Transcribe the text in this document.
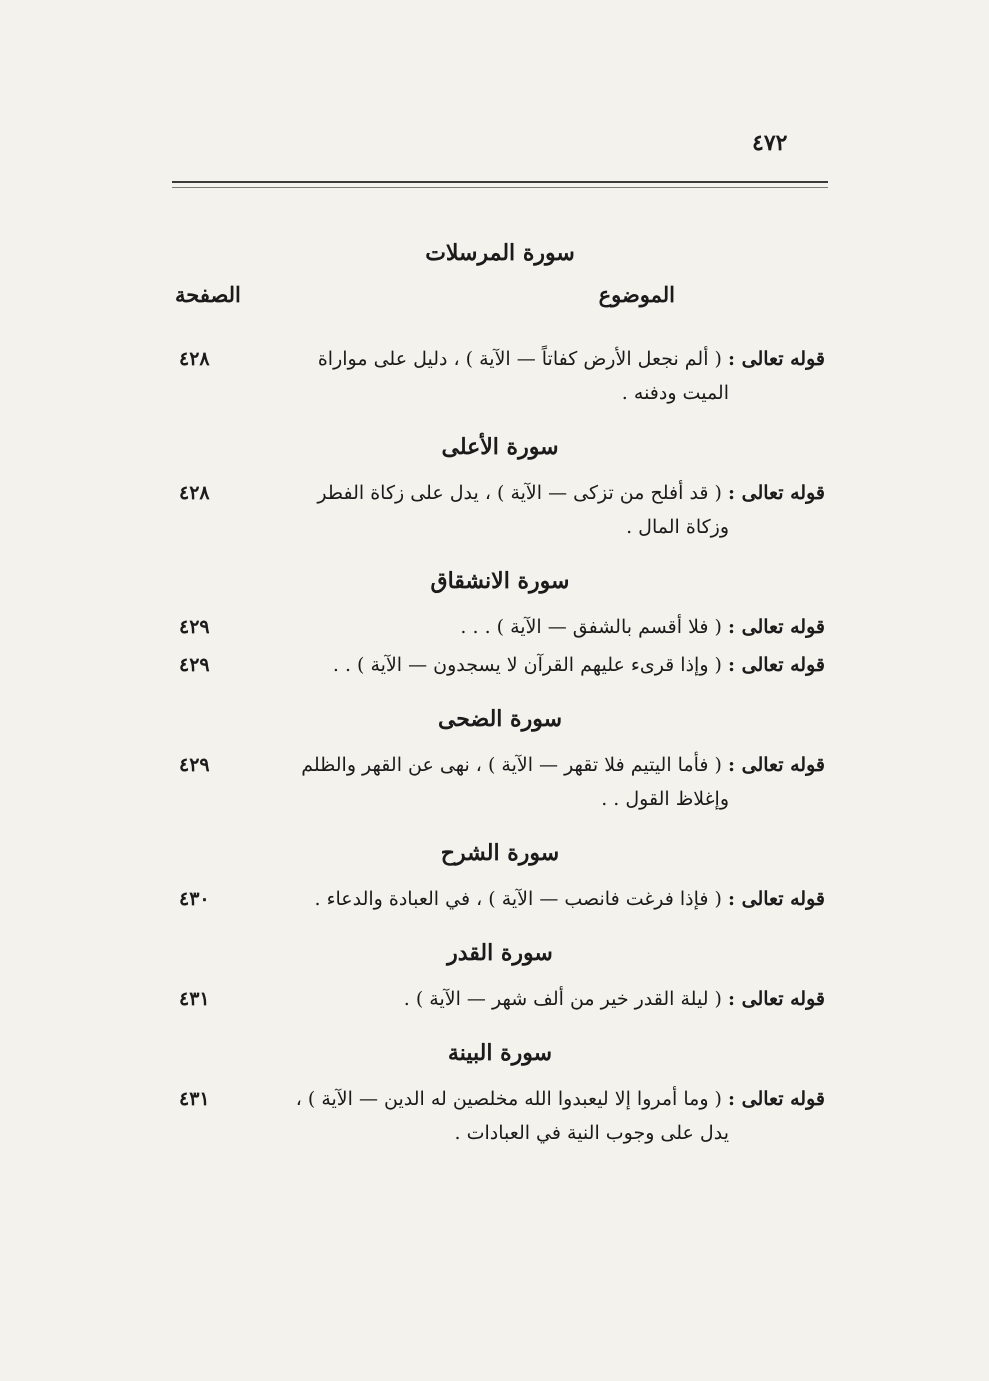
٤٧٢
سورة المرسلات
الموضوع
الصفحة
قوله تعالى : ( ألم نجعل الأرض كفاتاً — الآية ) ، دليل على مواراة
الميت ودفنه .
٤٢٨
سورة الأعلى
قوله تعالى : ( قد أفلح من تزكى — الآية ) ، يدل على زكاة الفطر
وزكاة المال .
٤٢٨
سورة الانشقاق
قوله تعالى : ( فلا أقسم بالشفق — الآية ) . . .
٤٢٩
قوله تعالى : ( وإذا قرىء عليهم القرآن لا يسجدون — الآية ) . .
٤٢٩
سورة الضحى
قوله تعالى : ( فأما اليتيم فلا تقهر — الآية ) ، نهى عن القهر والظلم
وإغلاظ القول . .
٤٢٩
سورة الشرح
قوله تعالى : ( فإذا فرغت فانصب — الآية ) ، في العبادة والدعاء .
٤٣٠
سورة القدر
قوله تعالى : ( ليلة القدر خير من ألف شهر — الآية ) .
٤٣١
سورة البينة
قوله تعالى : ( وما أمروا إلا ليعبدوا الله مخلصين له الدين — الآية ) ،
يدل على وجوب النية في العبادات .
٤٣١
